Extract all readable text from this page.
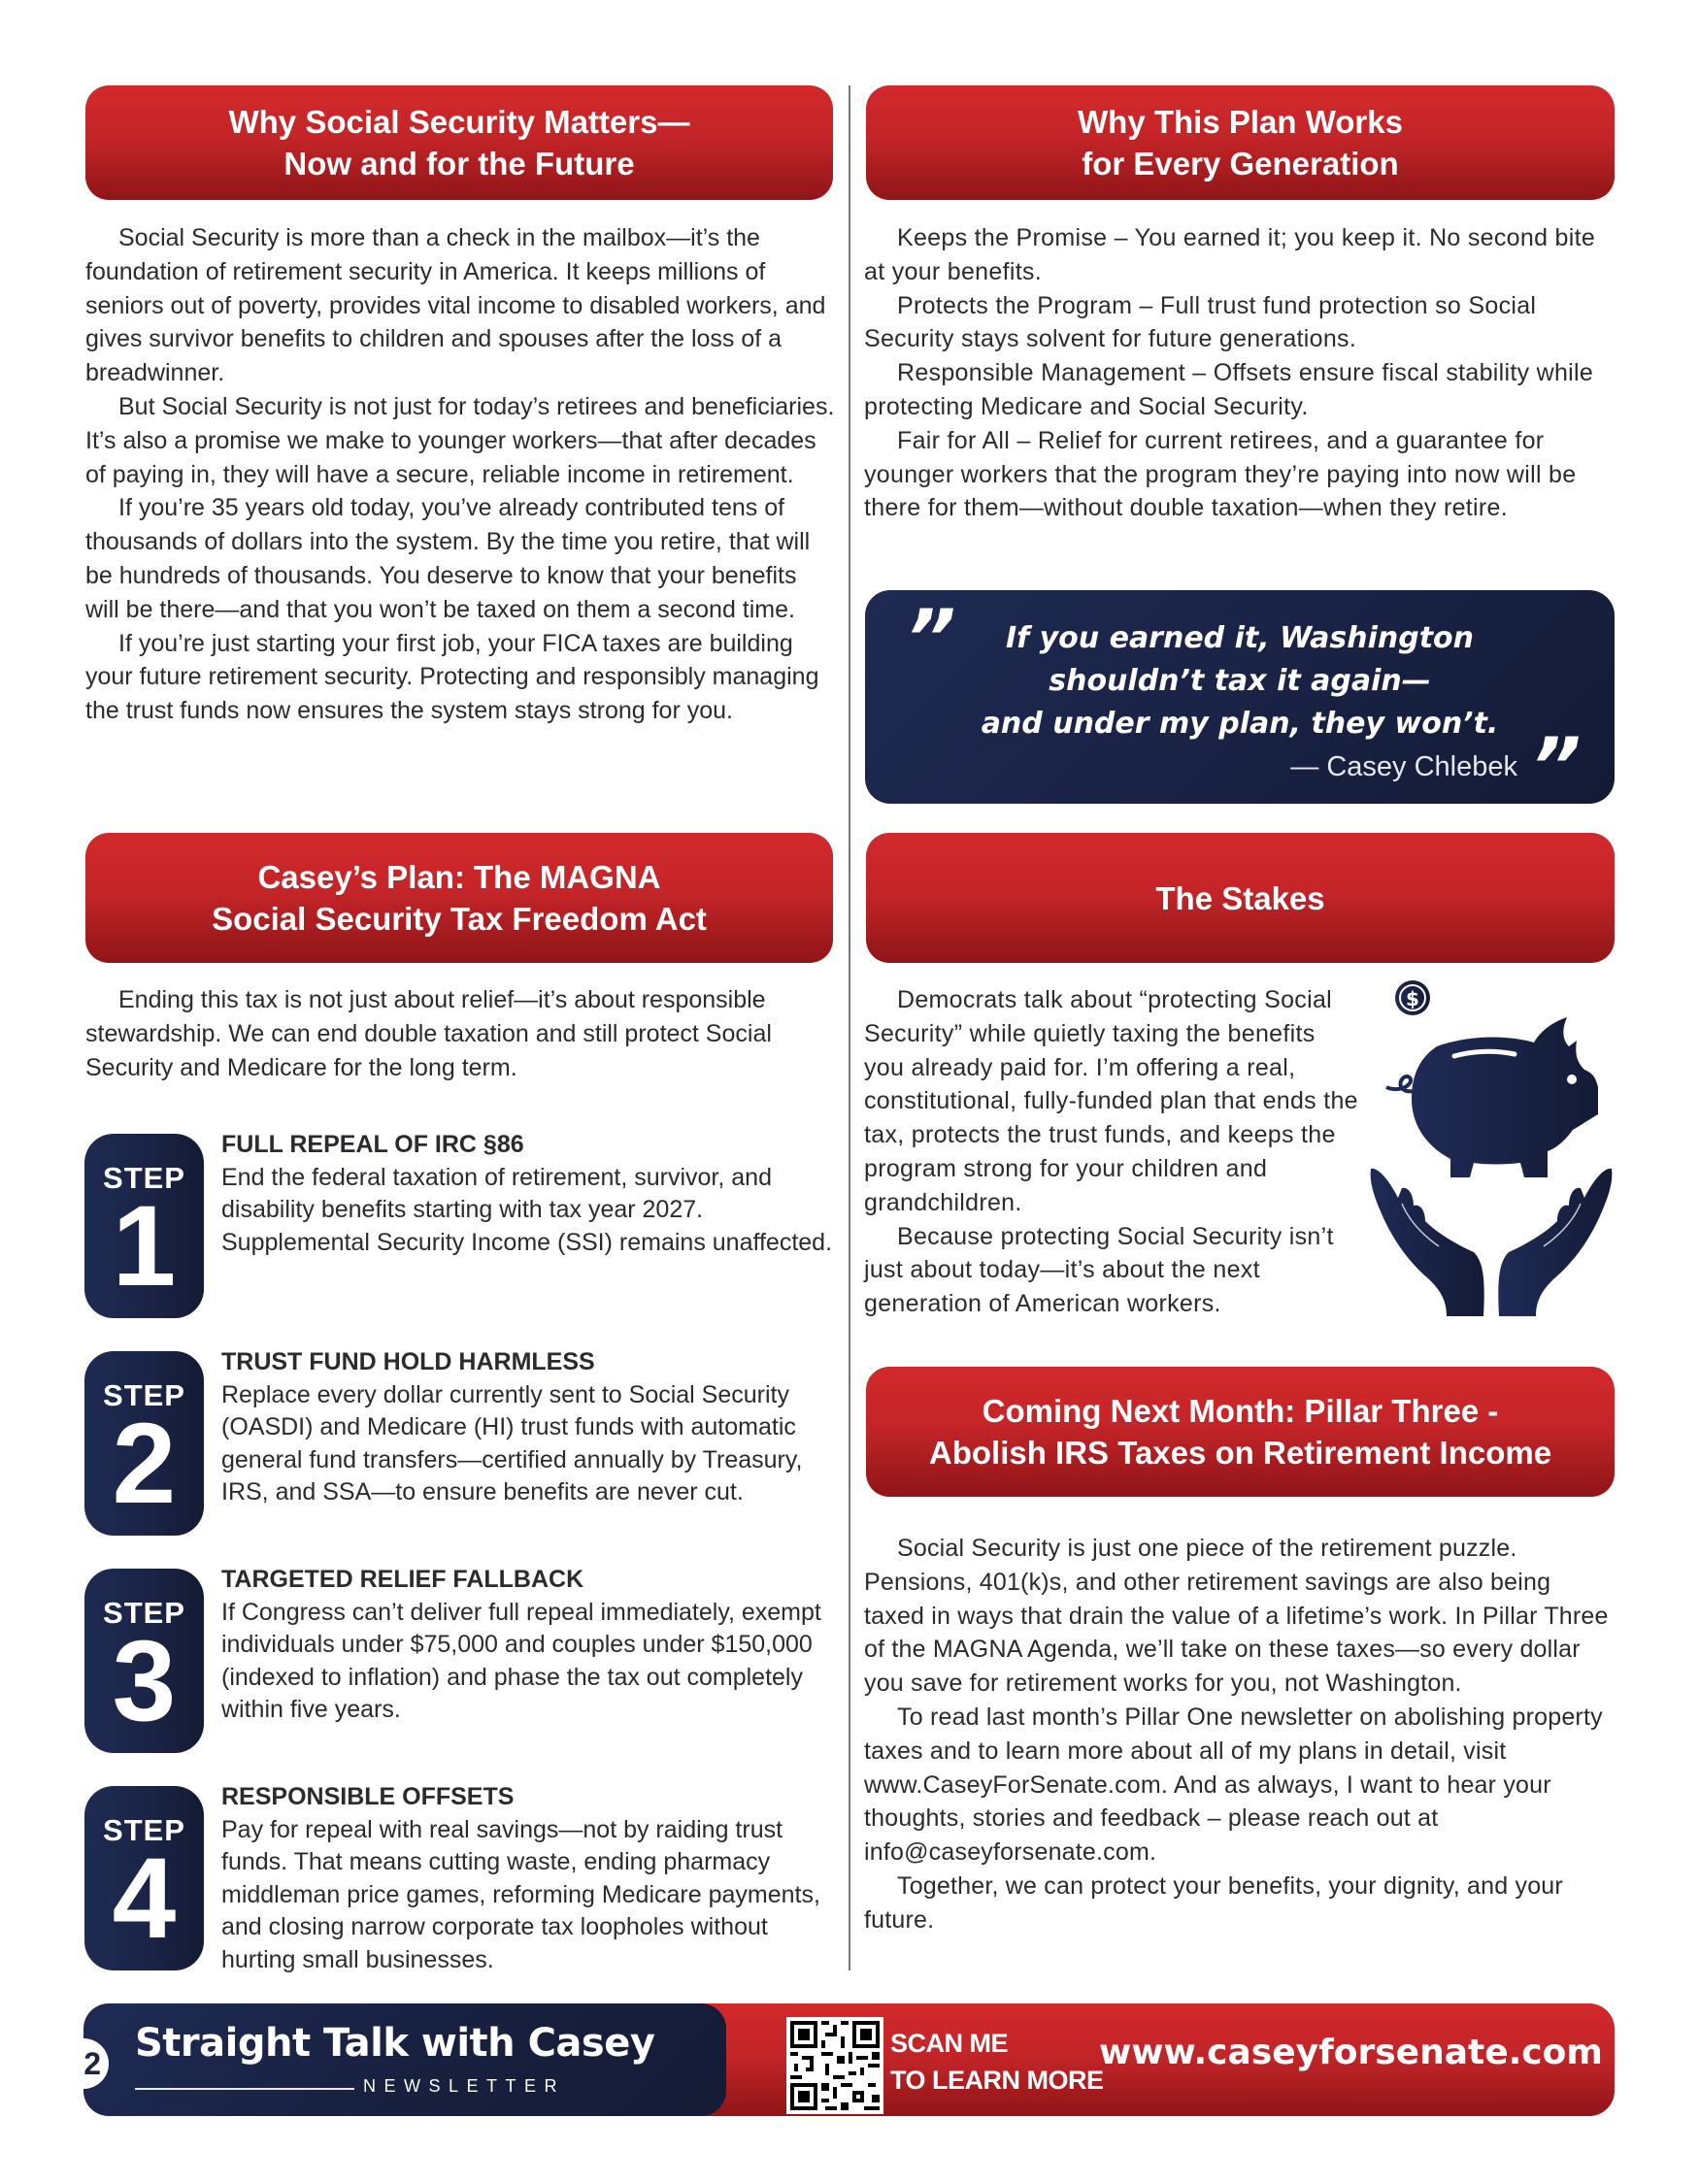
Why Social Security Matters—
Now and for the Future

Social Security is more than a check in the mailbox—it’s the foundation of retirement security in America. It keeps millions of seniors out of poverty, provides vital income to disabled workers, and gives survivor benefits to children and spouses after the loss of a breadwinner.

But Social Security is not just for today’s retirees and beneficiaries. It’s also a promise we make to younger workers—that after decades of paying in, they will have a secure, reliable income in retirement.

If you’re 35 years old today, you’ve already contributed tens of thousands of dollars into the system. By the time you retire, that will be hundreds of thousands. You deserve to know that your benefits will be there—and that you won’t be taxed on them a second time.

If you’re just starting your first job, your FICA taxes are building your future retirement security. Protecting and responsibly managing the trust funds now ensures the system stays strong for you.

Casey’s Plan: The MAGNA
Social Security Tax Freedom Act

Ending this tax is not just about relief—it’s about responsible stewardship. We can end double taxation and still protect Social Security and Medicare for the long term.

STEP
1
FULL REPEAL OF IRC §86
End the federal taxation of retirement, survivor, and disability benefits starting with tax year 2027. Supplemental Security Income (SSI) remains unaffected.
STEP
2
TRUST FUND HOLD HARMLESS
Replace every dollar currently sent to Social Security (OASDI) and Medicare (HI) trust funds with automatic general fund transfers—certified annually by Treasury, IRS, and SSA—to ensure benefits are never cut.
STEP
3
TARGETED RELIEF FALLBACK
If Congress can’t deliver full repeal immediately, exempt individuals under $75,000 and couples under $150,000 (indexed to inflation) and phase the tax out completely within five years.
STEP
4
RESPONSIBLE OFFSETS
Pay for repeal with real savings—not by raiding trust funds. That means cutting waste, ending pharmacy middleman price games, reforming Medicare payments, and closing narrow corporate tax loopholes without hurting small businesses.
Why This Plan Works
for Every Generation

Keeps the Promise – You earned it; you keep it. No second bite at your benefits.

Protects the Program – Full trust fund protection so Social Security stays solvent for future generations.

Responsible Management – Offsets ensure fiscal stability while protecting Medicare and Social Security.

Fair for All – Relief for current retirees, and a guarantee for younger workers that the program they’re paying into now will be there for them—without double taxation—when they retire.

”	If you earned it, Washington
shouldn’t tax it again—
and under my plan, they won’t. ”
— Casey Chlebek
The Stakes

Democrats talk about “protecting Social Security” while quietly taxing the benefits you already paid for. I’m offering a real, constitutional, fully-funded plan that ends the tax, protects the trust funds, and keeps the program strong for your children and grandchildren.

Because protecting Social Security isn’t just about today—it’s about the next generation of American workers.

$
Coming Next Month: Pillar Three -
Abolish IRS Taxes on Retirement Income

Social Security is just one piece of the retirement puzzle. Pensions, 401(k)s, and other retirement savings are also being taxed in ways that drain the value of a lifetime’s work. In Pillar Three of the MAGNA Agenda, we’ll take on these taxes—so every dollar you save for retirement works for you, not Washington.

To read last month’s Pillar One newsletter on abolishing property taxes and to learn more about all of my plans in detail, visit www.CaseyForSenate.com. And as always, I want to hear your thoughts, stories and feedback – please reach out at info@caseyforsenate.com.

Together, we can protect your benefits, your dignity, and your future.

Straight Talk with Casey
NEWSLETTER
SCAN ME
TO LEARN MORE
www.caseyforsenate.com
2
